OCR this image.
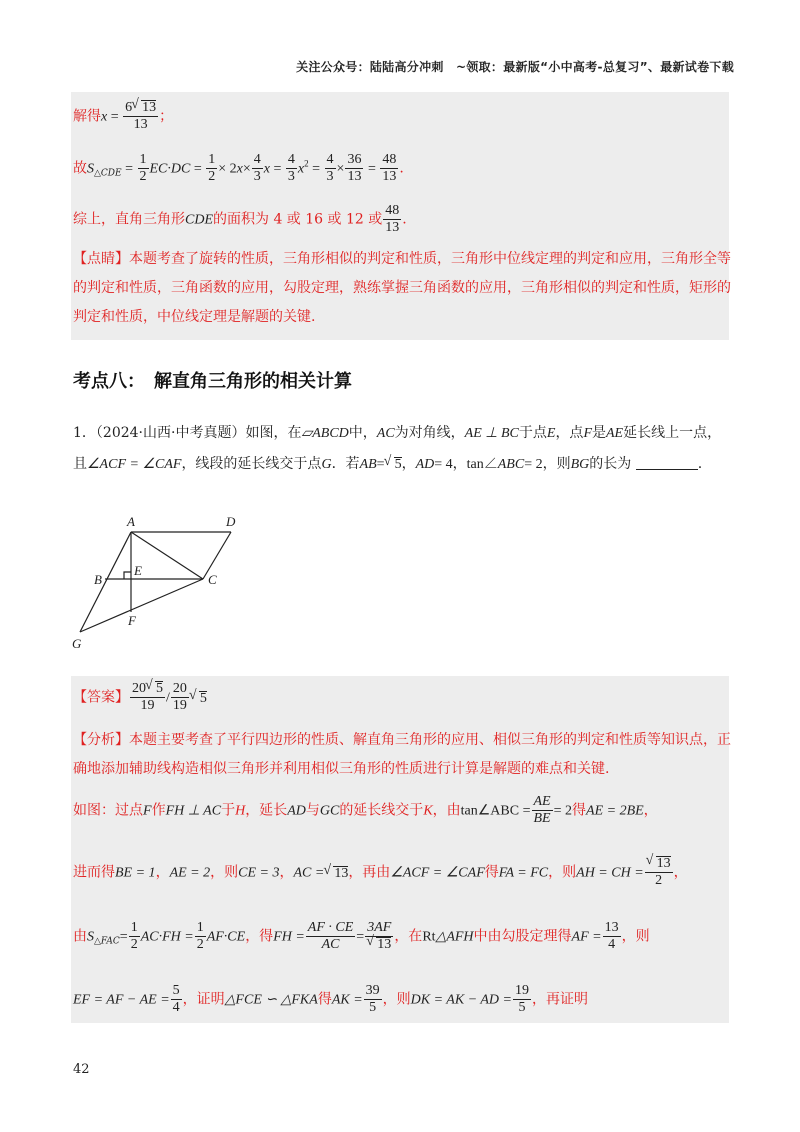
关注公众号：陆陆高分冲刺　~领取：最新版“小中高考-总复习”、最新试卷下载
解得$x = \frac{6 √ 13}{13}$ ；
故$S_{\triangle CDE} = \frac{1}{2} EC\cdot DC = \frac{1}{2} \times 2x\times \frac{4}{3}$ $x = \frac{4}{3} x^2 = \frac{4}{3} \times \frac{36}{13} = \frac{48}{13}$ .
综上，直角三角形CDE的面积为 4 或 16 或 12 或 $\frac{48}{13}$ .
【点睛】本题考查了旋转的性质，三角形相似的判定和性质，三角形中位线定理的判定和应用，三角形全等的判定和性质，三角函数的应用，勾股定理，熟练掌握三角函数的应用，三角形相似的判定和性质，矩形的判定和性质，中位线定理是解题的关键.
考点八：　解直角三角形的相关计算
1．（2024·山西·中考真题）如图，在▱ABCD中，AC为对角线，AE ⊥ BC于点E，点F是AE延长线上一点，且∠ACF = ∠CAF，线段的延长线交于点G．若AB= √ 5，AD= 4，tan∠ABC= 2，则BG的长为	.
A	D
B
E
C
F
G
【答案】 $\frac{20 √ 5}{19} / \frac{20}{19}$ √ 5
【分析】本题主要考查了平行四边形的性质、解直角三角形的应用、相似三角形的判定和性质等知识点，正确地添加辅助线构造相似三角形并利用相似三角形的性质进行计算是解题的难点和关键.
如图：过点F作FH ⊥ AC于H，延长AD与GC的延长线交于K，由tan∠ABC = $\frac{AE}{BE} = 2$得AE = 2BE，
进而得BE = 1，AE = 2，则CE = 3，AC = √ 13，再由∠ACF = ∠CAF得FA = FC，则AH = CH = √ $\frac{13}{2}$ ，
由$S_{\triangle FAC}= \frac{1}{2} AC\cdot FH = \frac{1}{2} AF\cdot CE$，得FH = $\frac{AF \cdot CE}{AC} = 3AF$
√ 13 ，在Rt△AFH中由勾股定理得AF = $\frac{13}{4}$ ，则
EF = AF − AE = $\frac{5}{4}$ ，证明△FCE ∽ △FKA得AK = $\frac{39}{5}$ ，则DK = AK − AD = $\frac{19}{5}$ ，再证明
42
